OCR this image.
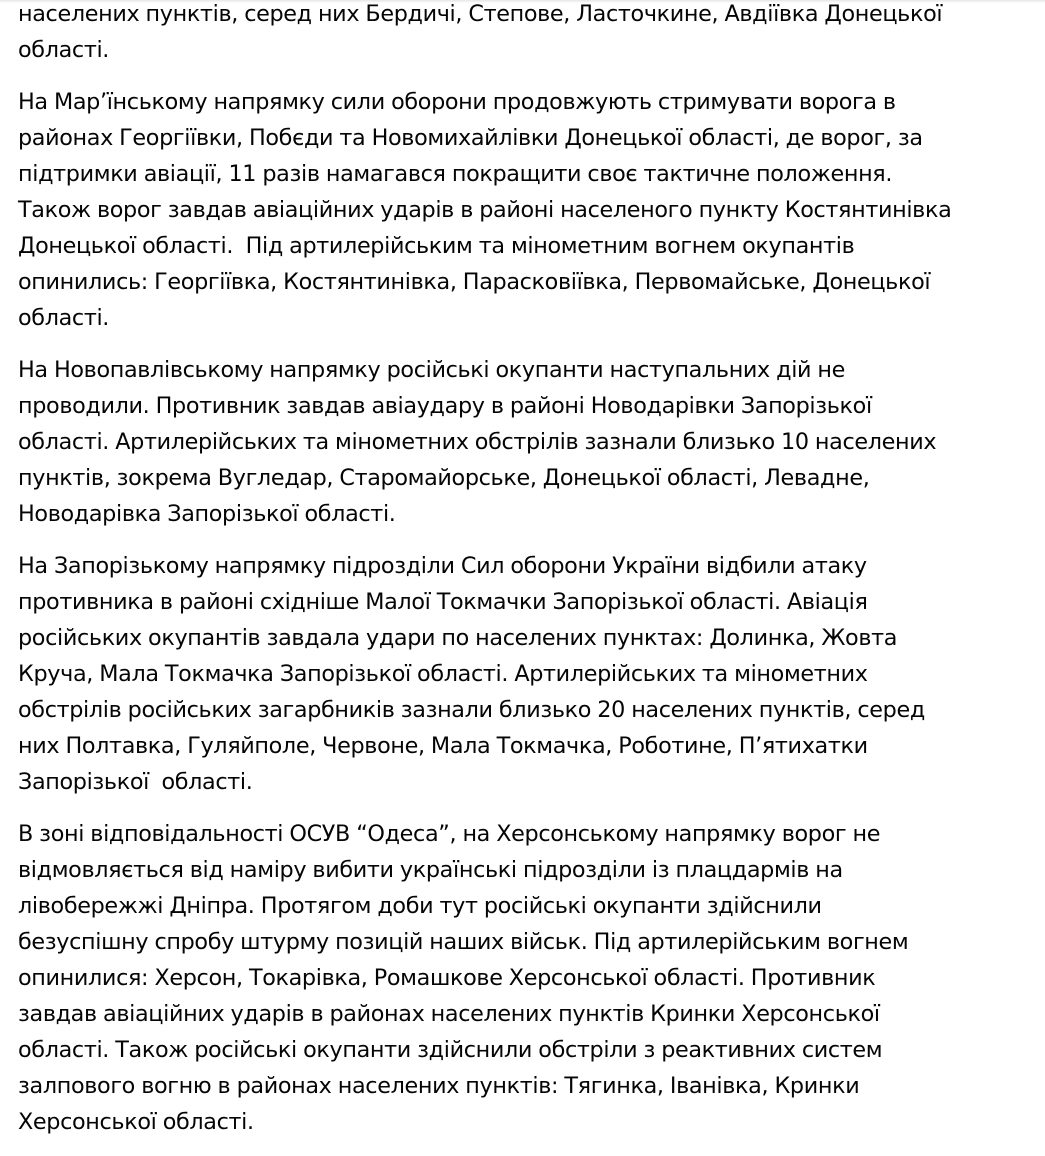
населених пунктів, серед них Бердичі, Степове, Ласточкине, Авдіївка Донецької
області.

На Мар’їнському напрямку сили оборони продовжують стримувати ворога в
районах Георгіївки, Побєди та Новомихайлівки Донецької області, де ворог, за
підтримки авіації, 11 разів намагався покращити своє тактичне положення.
Також ворог завдав авіаційних ударів в районі населеного пункту Костянтинівка
Донецької області.  Під артилерійським та мінометним вогнем окупантів
опинились: Георгіївка, Костянтинівка, Парасковіївка, Первомайське, Донецької
області.

На Новопавлівському напрямку російські окупанти наступальних дій не
проводили. Противник завдав авіаудару в районі Новодарівки Запорізької
області. Артилерійських та мінометних обстрілів зазнали близько 10 населених
пунктів, зокрема Вугледар, Старомайорське, Донецької області, Левадне,
Новодарівка Запорізької області.

На Запорізькому напрямку підрозділи Сил оборони України відбили атаку
противника в районі східніше Малої Токмачки Запорізької області. Авіація
російських окупантів завдала удари по населених пунктах: Долинка, Жовта
Круча, Мала Токмачка Запорізької області. Артилерійських та мінометних
обстрілів російських загарбників зазнали близько 20 населених пунктів, серед
них Полтавка, Гуляйполе, Червоне, Мала Токмачка, Роботине, П’ятихатки
Запорізької  області.

В зоні відповідальності ОСУВ “Одеса”, на Херсонському напрямку ворог не
відмовляється від наміру вибити українські підрозділи із плацдармів на
лівобережжі Дніпра. Протягом доби тут російські окупанти здійснили
безуспішну спробу штурму позицій наших військ. Під артилерійським вогнем
опинилися: Херсон, Токарівка, Ромашкове Херсонської області. Противник
завдав авіаційних ударів в районах населених пунктів Кринки Херсонської
області. Також російські окупанти здійснили обстріли з реактивних систем
залпового вогню в районах населених пунктів: Тягинка, Іванівка, Кринки
Херсонської області.
